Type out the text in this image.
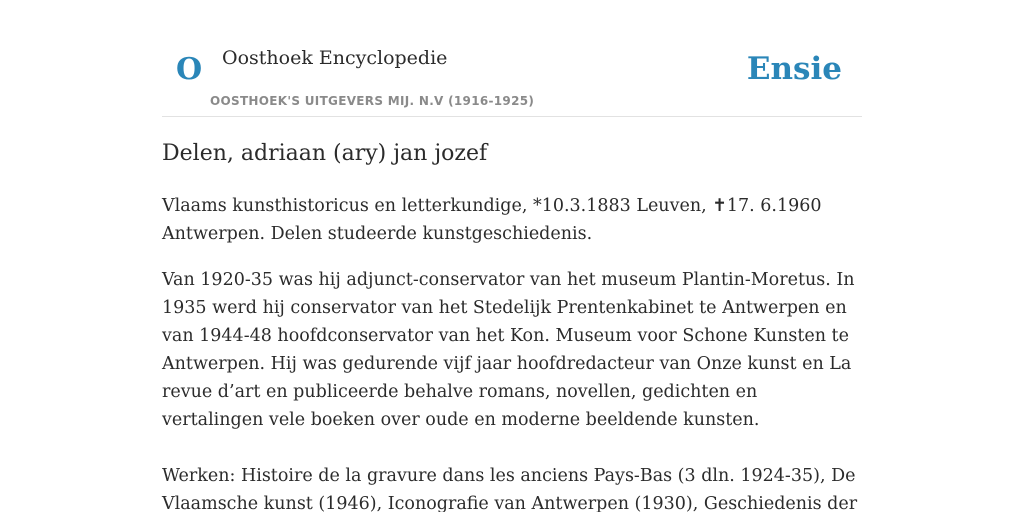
O Oosthoek Encyclopedie
OOSTHOEK'S UITGEVERS MIJ. N.V (1916-1925)
Ensie
Delen, adriaan (ary) jan jozef

Vlaams kunsthistoricus en letterkundige, *10.3.1883 Leuven, ✝17. 6.1960 Antwerpen. Delen studeerde kunstgeschiedenis.

Van 1920-35 was hij adjunct-conservator van het museum Plantin-Moretus. In 1935 werd hij conservator van het Stedelijk Prentenkabinet te Antwerpen en van 1944-48 hoofdconservator van het Kon. Museum voor Schone Kunsten te Antwerpen. Hij was gedurende vijf jaar hoofdredacteur van Onze kunst en La revue d’art en publiceerde behalve romans, novellen, gedichten en vertalingen vele boeken over oude en moderne beeldende kunsten.

Werken: Histoire de la gravure dans les anciens Pays-Bas (3 dln. 1924-35), De Vlaamsche kunst (1946), Iconografie van Antwerpen (1930), Geschiedenis der
